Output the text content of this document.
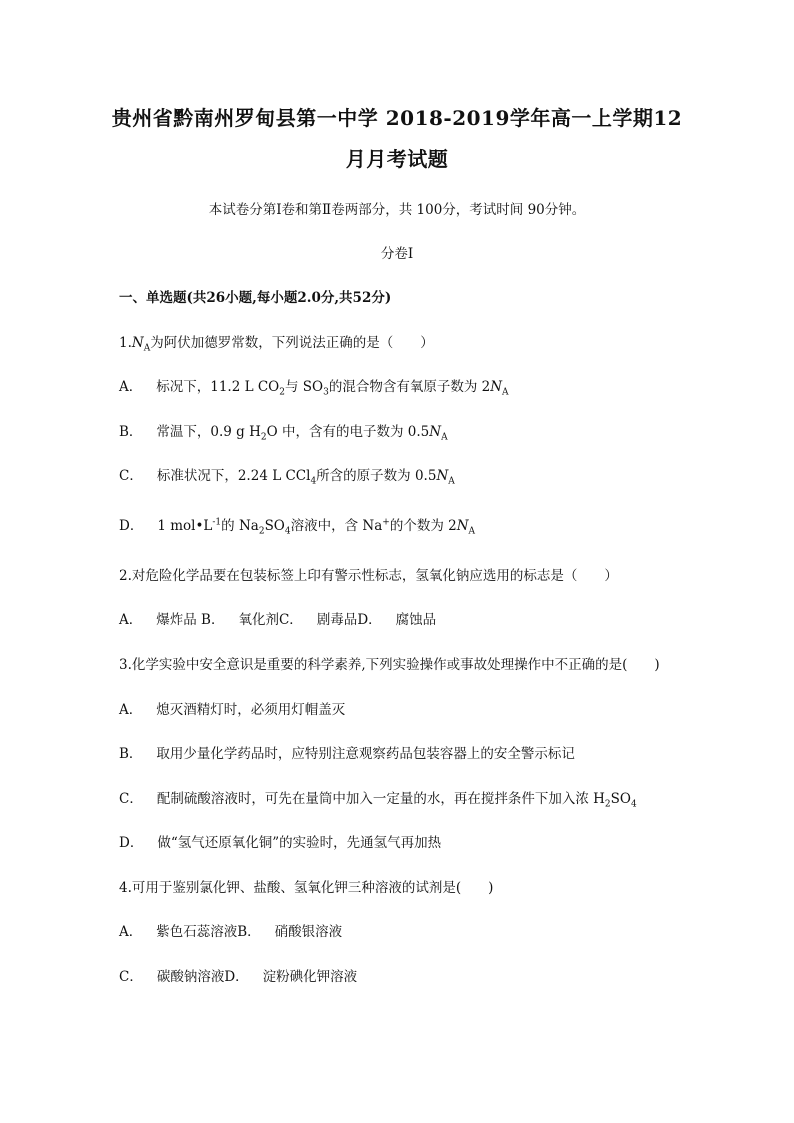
贵州省黔南州罗甸县第一中学 2018-2019学年高一上学期12
月月考试题
本试卷分第Ⅰ卷和第Ⅱ卷两部分，共 100分，考试时间 90分钟。
分卷I
一、单选题(共26小题,每小题2.0分,共52分)
$1.N_A$为阿伏加德罗常数，下列说法正确的是（　　）
A． 标况下，11.2 L $CO_2$与 $SO_3$的混合物含有氧原子数为 $2N_A$
B． 常温下，0.9 g $H_2O$ 中，含有的电子数为 $0.5N_A$
C． 标准状况下，2.24 L CCl$_4$所含的原子数为 $0.5N_A$
D． 1 $mol•L^{-1}$的 $Na_2SO_4$溶液中，含 Na+的个数为 $2N_A$
2.对危险化学品要在包装标签上印有警示性标志，氢氧化钠应选用的标志是（　　）
A． 爆炸品 B． 氧化剂C． 剧毒品D． 腐蚀品
3.化学实验中安全意识是重要的科学素养,下列实验操作或事故处理操作中不正确的是(　　)
A． 熄灭酒精灯时，必须用灯帽盖灭
B． 取用少量化学药品时，应特别注意观察药品包装容器上的安全警示标记
C． 配制硫酸溶液时，可先在量筒中加入一定量的水，再在搅拌条件下加入浓 $H_2SO_4$
D． 做“氢气还原氧化铜”的实验时，先通氢气再加热
4.可用于鉴别氯化钾、盐酸、氢氧化钾三种溶液的试剂是(　　)
A． 紫色石蕊溶液B． 硝酸银溶液
C． 碳酸钠溶液D． 淀粉碘化钾溶液
